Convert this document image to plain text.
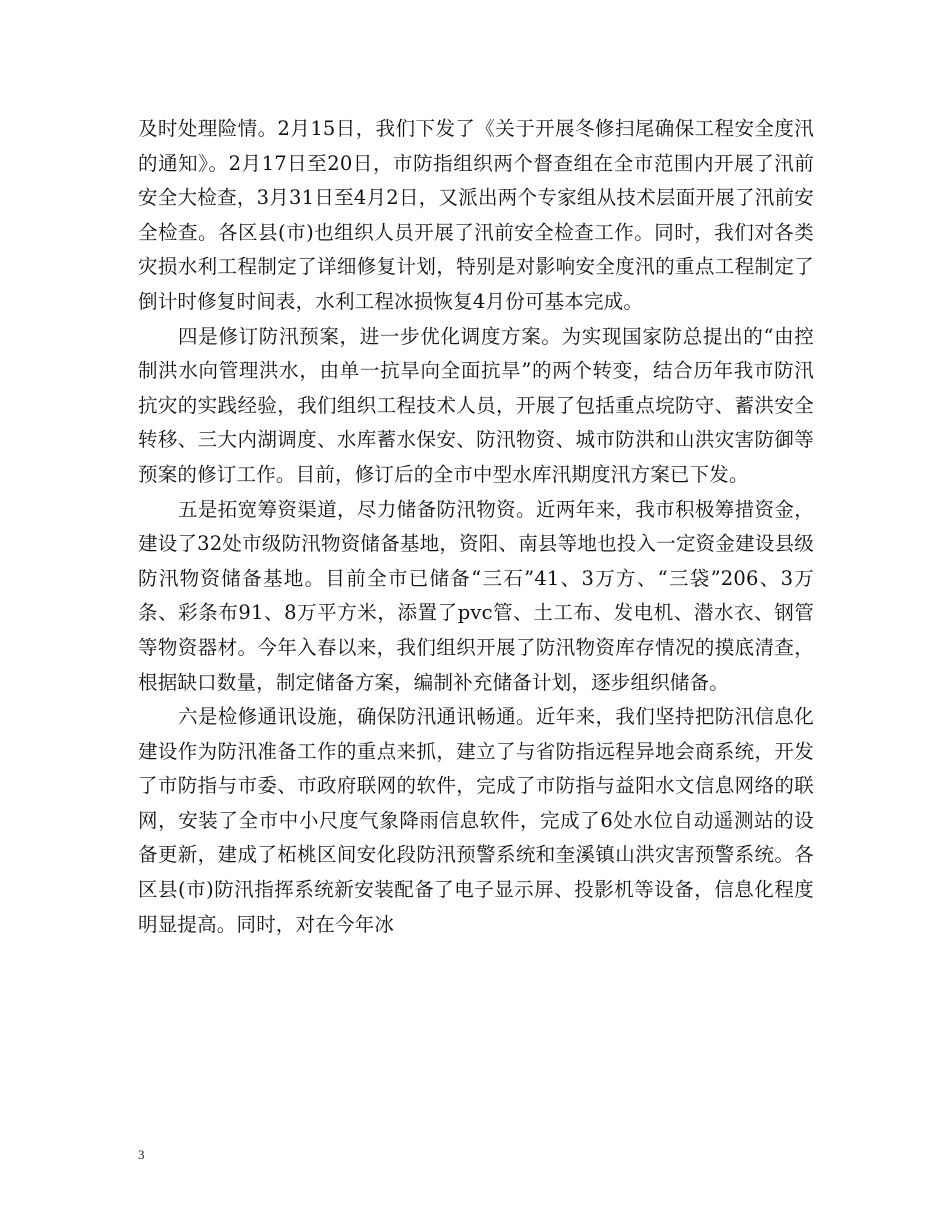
及时处理险情。2月15日，我们下发了《关于开展冬修扫尾确保工程安全度汛的通知》。2月17日至20日，市防指组织两个督查组在全市范围内开展了汛前安全大检查，3月31日至4月2日，又派出两个专家组从技术层面开展了汛前安全检查。各区县(市)也组织人员开展了汛前安全检查工作。同时，我们对各类灾损水利工程制定了详细修复计划，特别是对影响安全度汛的重点工程制定了倒计时修复时间表，水利工程冰损恢复4月份可基本完成。

四是修订防汛预案，进一步优化调度方案。为实现国家防总提出的“由控制洪水向管理洪水，由单一抗旱向全面抗旱”的两个转变，结合历年我市防汛抗灾的实践经验，我们组织工程技术人员，开展了包括重点垸防守、蓄洪安全转移、三大内湖调度、水库蓄水保安、防汛物资、城市防洪和山洪灾害防御等预案的修订工作。目前，修订后的全市中型水库汛期度汛方案已下发。

五是拓宽筹资渠道，尽力储备防汛物资。近两年来，我市积极筹措资金，建设了32处市级防汛物资储备基地，资阳、南县等地也投入一定资金建设县级防汛物资储备基地。目前全市已储备“三石”41、3万方、“三袋”206、3万条、彩条布91、8万平方米，添置了pvc管、土工布、发电机、潜水衣、钢管等物资器材。今年入春以来，我们组织开展了防汛物资库存情况的摸底清查，根据缺口数量，制定储备方案，编制补充储备计划，逐步组织储备。

六是检修通讯设施，确保防汛通讯畅通。近年来，我们坚持把防汛信息化建设作为防汛准备工作的重点来抓，建立了与省防指远程异地会商系统，开发了市防指与市委、市政府联网的软件，完成了市防指与益阳水文信息网络的联网，安装了全市中小尺度气象降雨信息软件，完成了6处水位自动遥测站的设备更新，建成了柘桃区间安化段防汛预警系统和奎溪镇山洪灾害预警系统。各区县(市)防汛指挥系统新安装配备了电子显示屏、投影机等设备，信息化程度明显提高。同时，对在今年冰

3
